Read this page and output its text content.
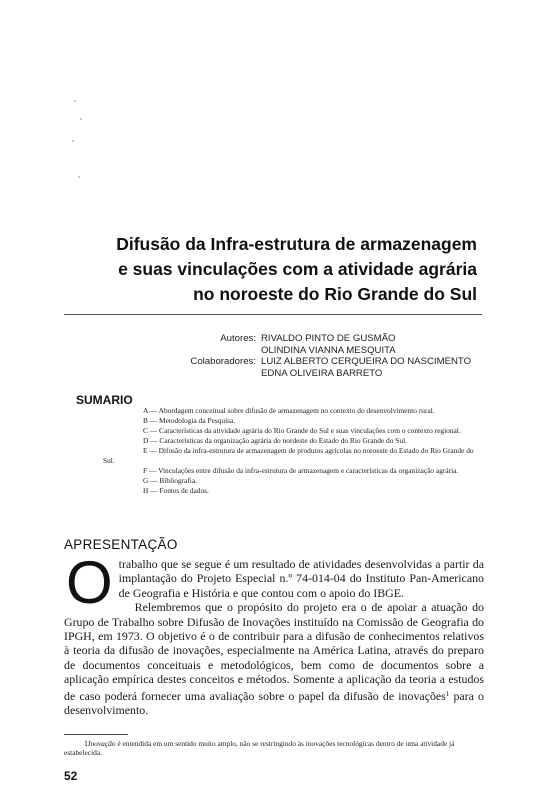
Difusão da Infra-estrutura de armazenagem
e suas vinculações com a atividade agrária
no noroeste do Rio Grande do Sul
Autores: RIVALDO PINTO DE GUSMÃO
OLINDINA VIANNA MESQUITA
Colaboradores: LUIZ ALBERTO CERQUEIRA DO NASCIMENTO
EDNA OLIVEIRA BARRETO
SUMARIO
A — Abordagem conceitual sobre difusão de armazenagem no contexto do desenvolvimento rural.
B — Metodologia da Pesquisa.
C — Características da atividade agrária do Rio Grande do Sul e suas vinculações com o contexto regional.
D — Características da organização agrária do nordeste do Estado do Rio Grande do Sul.
E — Difusão da infra-estrutura de armazenagem de produtos agrícolas no noroeste do Estado do Rio Grande do Sul.
F — Vinculações entre difusão da infra-estrutura de armazenagem e características da organização agrária.
G — Bibliografia.
H — Fontes de dados.
APRESENTAÇÃO
O trabalho que se segue é um resultado de atividades desenvolvidas a partir da implantação do Projeto Especial n.º 74-014-04 do Instituto Pan-Americano de Geografia e História e que contou com o apoio do IBGE.

Relembremos que o propósito do projeto era o de apoiar a atuação do Grupo de Trabalho sobre Difusão de Inovações instituído na Comissão de Geografia do IPGH, em 1973. O objetivo é o de contribuir para a difusão de conhecimentos relativos à teoria da difusão de inovações, especialmente na América Latina, através do preparo de documentos conceituais e metodológicos, bem como de documentos sobre a aplicação empírica destes conceitos e métodos. Somente a aplicação da teoria a estudos de caso poderá fornecer uma avaliação sobre o papel da difusão de inovações$^1$ para o desenvolvimento.

1Inovação é entendida em um sentido muito amplo, não se restringindo às inovações tecnológicas dentro de uma atividade já estabelecida.
52
